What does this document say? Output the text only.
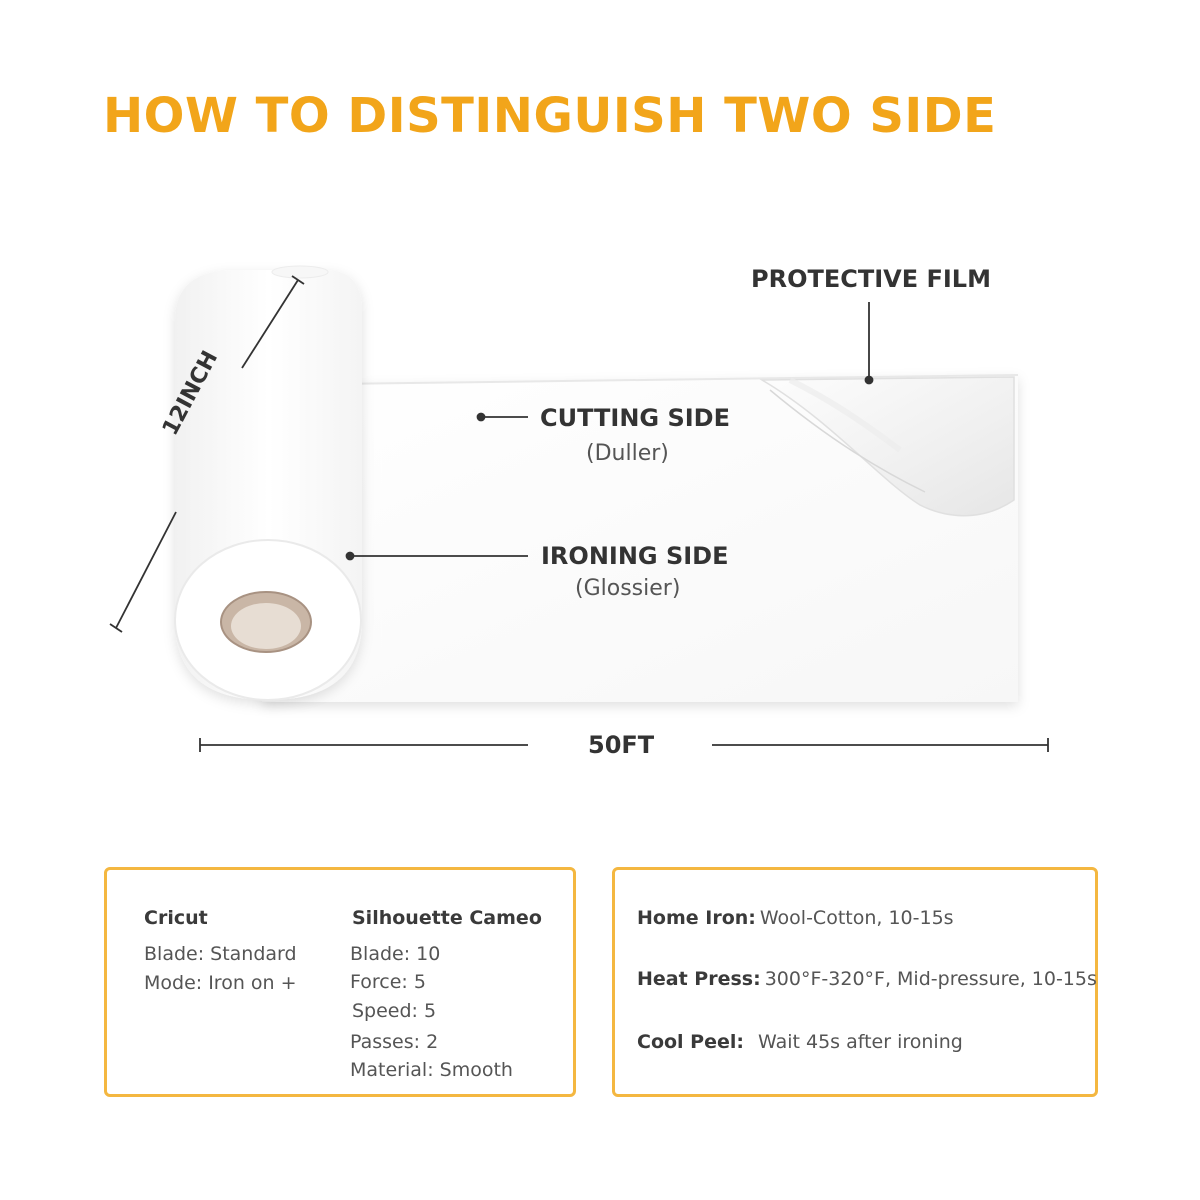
HOW TO DISTINGUISH TWO SIDE
12INCH
50FT
PROTECTIVE FILM
CUTTING SIDE
(Duller)
IRONING SIDE
(Glossier)
Cricut
Blade: Standard
Mode: Iron on +
Silhouette Cameo
Blade: 10
Force: 5
Speed: 5
Passes: 2
Material: Smooth
Home Iron: Wool-Cotton, 10-15s
Heat Press: 300°F-320°F, Mid-pressure, 10-15s
Cool Peel: Wait 45s after ironing
